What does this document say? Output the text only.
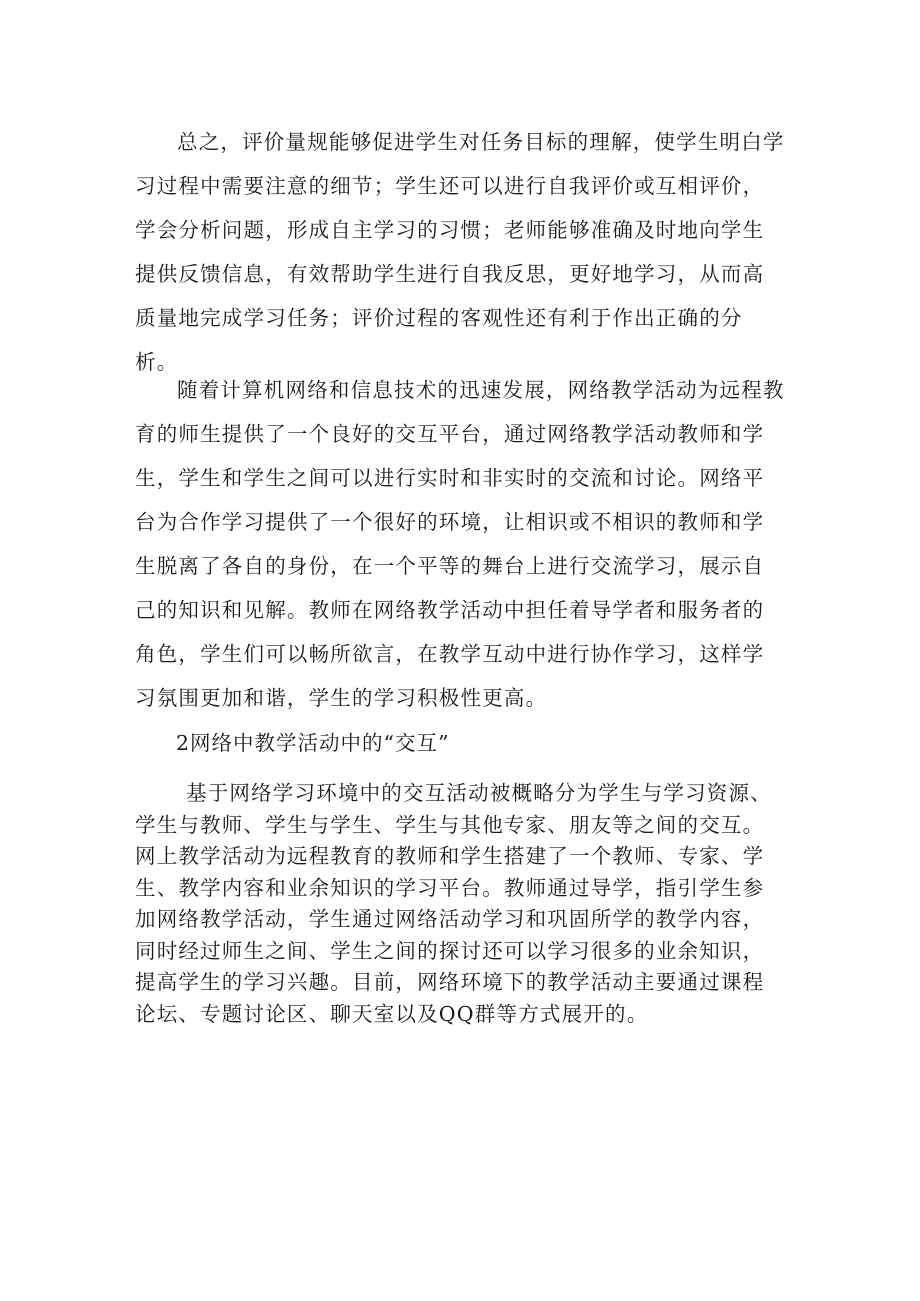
总之，评价量规能够促进学生对任务目标的理解，使学生明白学习过程中需要注意的细节；学生还可以进行自我评价或互相评价，学会分析问题，形成自主学习的习惯；老师能够准确及时地向学生提供反馈信息，有效帮助学生进行自我反思，更好地学习，从而高质量地完成学习任务；评价过程的客观性还有利于作出正确的分析。

随着计算机网络和信息技术的迅速发展，网络教学活动为远程教育的师生提供了一个良好的交互平台，通过网络教学活动教师和学生，学生和学生之间可以进行实时和非实时的交流和讨论。网络平台为合作学习提供了一个很好的环境，让相识或不相识的教师和学生脱离了各自的身份，在一个平等的舞台上进行交流学习，展示自己的知识和见解。教师在网络教学活动中担任着导学者和服务者的角色，学生们可以畅所欲言，在教学互动中进行协作学习，这样学习氛围更加和谐，学生的学习积极性更高。

2网络中教学活动中的“交互”

基于网络学习环境中的交互活动被概略分为学生与学习资源、学生与教师、学生与学生、学生与其他专家、朋友等之间的交互。网上教学活动为远程教育的教师和学生搭建了一个教师、专家、学生、教学内容和业余知识的学习平台。教师通过导学，指引学生参加网络教学活动，学生通过网络活动学习和巩固所学的教学内容，同时经过师生之间、学生之间的探讨还可以学习很多的业余知识，提高学生的学习兴趣。目前，网络环境下的教学活动主要通过课程论坛、专题讨论区、聊天室以及QQ群等方式展开的。
